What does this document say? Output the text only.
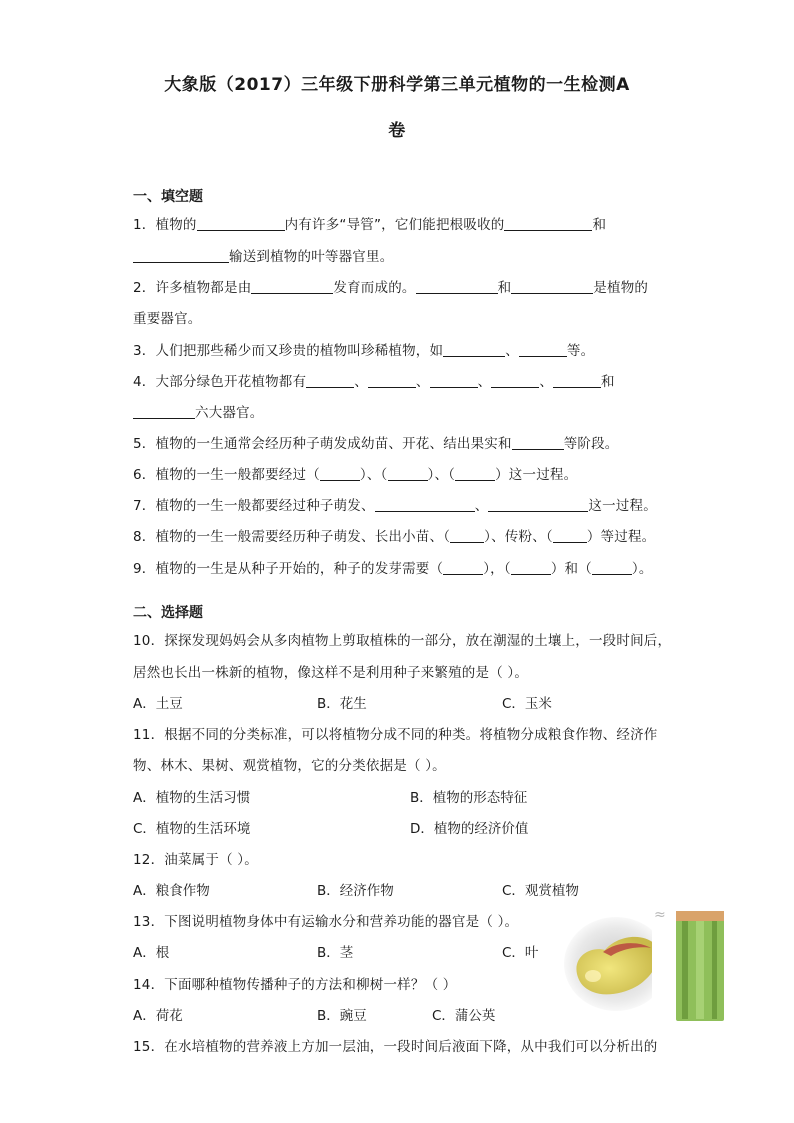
大象版（2017）三年级下册科学第三单元植物的一生检测A
卷
一、填空题
1．植物的	内有许多“导管”，它们能把根吸收的	和
输送到植物的叶等器官里。
2．许多植物都是由	发育而成的。	和	是植物的
重要器官。
3．人们把那些稀少而又珍贵的植物叫珍稀植物，如	、	等。
4．大部分绿色开花植物都有	、	、	、	、	和
六大器官。
5．植物的一生通常会经历种子萌发成幼苗、开花、结出果实和	等阶段。
6．植物的一生一般都要经过（	）、（	）、（	）这一过程。
7．植物的一生一般都要经过种子萌发、	、	这一过程。
8．植物的一生一般需要经历种子萌发、长出小苗、（	）、传粉、（	）等过程。
9．植物的一生是从种子开始的，种子的发芽需要（	），（	）和（	）。
二、选择题
10．探探发现妈妈会从多肉植物上剪取植株的一部分，放在潮湿的土壤上，一段时间后，
居然也长出一株新的植物，像这样不是利用种子来繁殖的是（ ）。
A．土豆	B．花生	C．玉米
11．根据不同的分类标准，可以将植物分成不同的种类。将植物分成粮食作物、经济作
物、林木、果树、观赏植物，它的分类依据是（ ）。
A．植物的生活习惯	B．植物的形态特征
C．植物的生活环境	D．植物的经济价值
12．油菜属于（ ）。
A．粮食作物	B．经济作物	C．观赏植物
13．下图说明植物身体中有运输水分和营养功能的器官是（ ）。
A．根	B．茎	C．叶
14．下面哪种植物传播种子的方法和柳树一样？（ ）
A．荷花	B．豌豆	C．蒲公英
15．在水培植物的营养液上方加一层油，一段时间后液面下降，从中我们可以分析出的
≈
